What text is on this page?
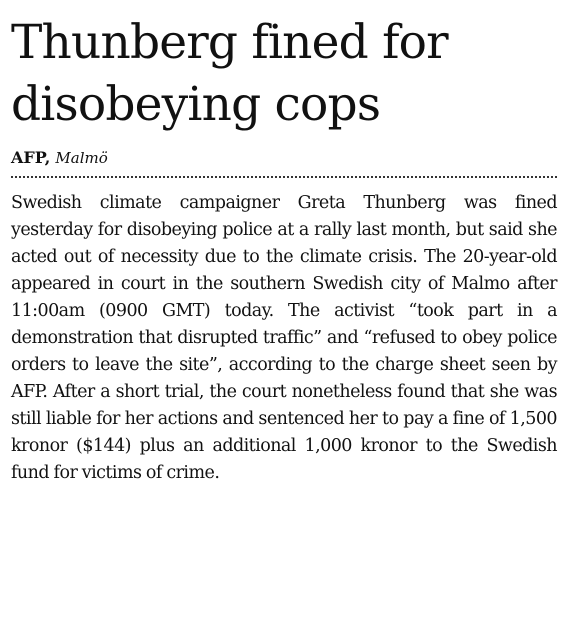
Thunberg fined for disobeying cops
AFP, Malmö

Swedish climate campaigner Greta Thunberg was fined yesterday for disobeying police at a rally last month, but said she acted out of necessity due to the climate crisis. The 20-year-old appeared in court in the southern Swedish city of Malmo after 11:00am (0900 GMT) today. The activist “took part in a demonstration that disrupted traffic” and “refused to obey police orders to leave the site”, according to the charge sheet seen by AFP. After a short trial, the court nonetheless found that she was still liable for her actions and sentenced her to pay a fine of 1,500 kronor ($144) plus an additional 1,000 kronor to the Swedish fund for victims of crime.
